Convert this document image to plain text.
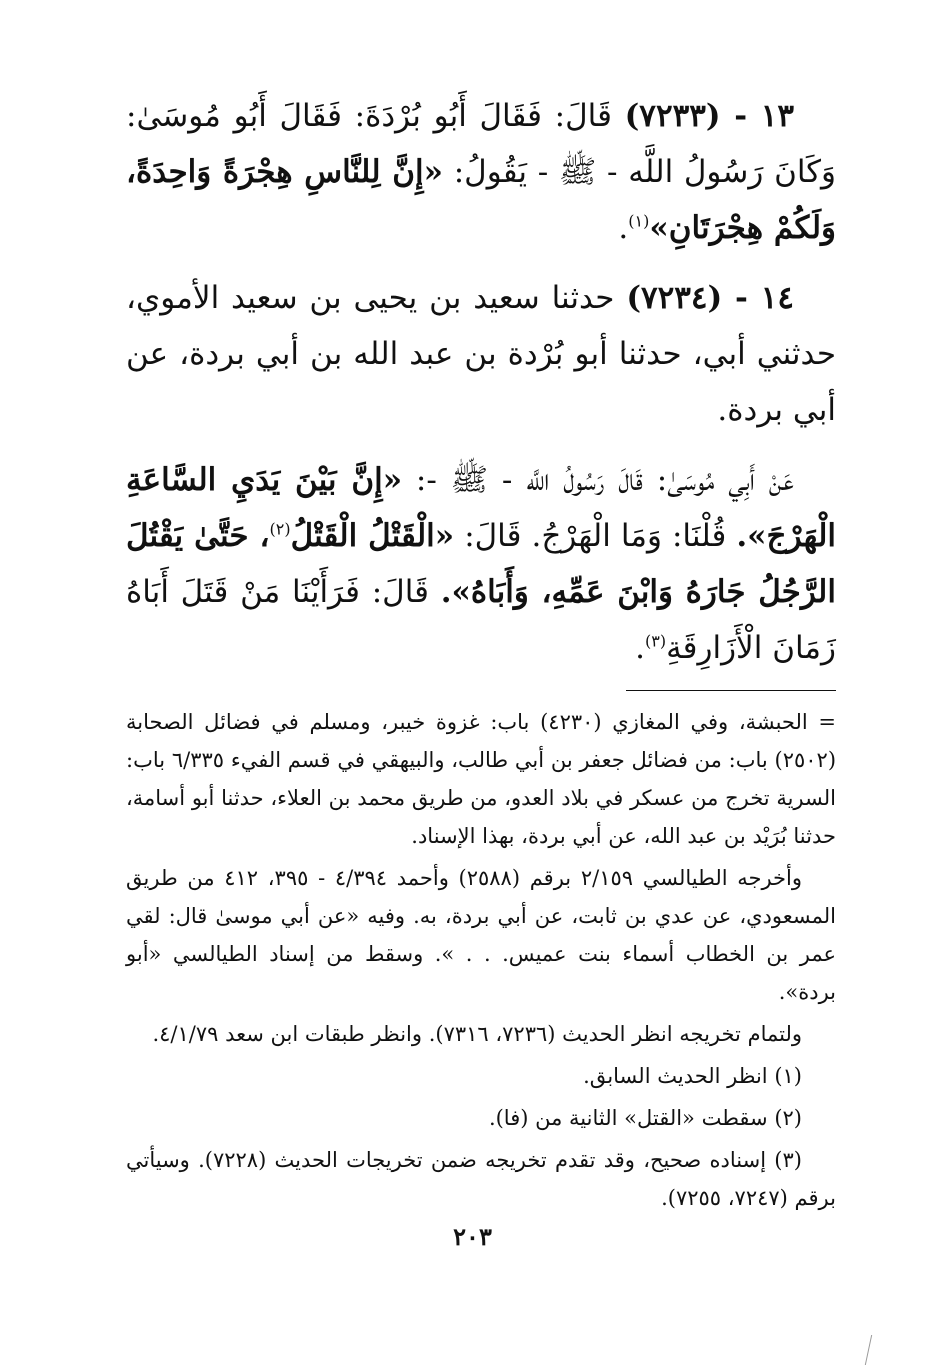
١٣ - (٧٢٣٣) قَالَ: فَقَالَ أَبُو بُرْدَةَ: فَقَالَ أَبُو مُوسَىٰ: وَكَانَ رَسُولُ اللَّه - ﷺ - يَقُولُ: «إِنَّ لِلنَّاسِ هِجْرَةً وَاحِدَةً، وَلَكُمْ هِجْرَتَانِ»$^{(١)}$.

١٤ - (٧٢٣٤) حدثنا سعيد بن يحيى بن سعيد الأموي، حدثني أبي، حدثنا أبو بُرْدة بن عبد الله بن أبي بردة، عن أبي بردة.

عَنْ أَبِي مُوسَىٰ: قَالَ رَسُولُ اللَّه - ﷺ -: «إِنَّ بَيْنَ يَدَيِ السَّاعَةِ الْهَرْجَ». قُلْنَا: وَمَا الْهَرْجُ. قَالَ: «الْقَتْلُ الْقَتْلُ$^{(٢)}$، حَتَّىٰ يَقْتُلَ الرَّجُلُ جَارَهُ وَابْنَ عَمِّهِ، وَأَبَاهُ». قَالَ: فَرَأَيْنَا مَنْ قَتَلَ أَبَاهُ زَمَانَ الْأَزَارِقَةِ$^{(٣)}$.

= الحبشة، وفي المغازي (٤٢٣٠) باب: غزوة خيبر، ومسلم في فضائل الصحابة (٢٥٠٢) باب: من فضائل جعفر بن أبي طالب، والبيهقي في قسم الفيء ٦/٣٣٥ باب: السرية تخرج من عسكر في بلاد العدو، من طريق محمد بن العلاء، حدثنا أبو أسامة، حدثنا بُرَيْد بن عبد الله، عن أبي بردة، بهذا الإسناد.

وأخرجه الطيالسي ٢/١٥٩ برقم (٢٥٨٨) وأحمد ٤/٣٩٤ - ٣٩٥، ٤١٢ من طريق المسعودي، عن عدي بن ثابت، عن أبي بردة، به. وفيه «عن أبي موسىٰ قال: لقي عمر بن الخطاب أسماء بنت عميس. . . ». وسقط من إسناد الطيالسي «أبو بردة».

ولتمام تخريجه انظر الحديث (٧٢٣٦، ٧٣١٦). وانظر طبقات ابن سعد ٤/١/٧٩.

(١) انظر الحديث السابق.

(٢) سقطت «القتل» الثانية من (فا).

(٣) إسناده صحيح، وقد تقدم تخريجه ضمن تخريجات الحديث (٧٢٢٨). وسيأتي برقم (٧٢٤٧، ٧٢٥٥).

٢٠٣
